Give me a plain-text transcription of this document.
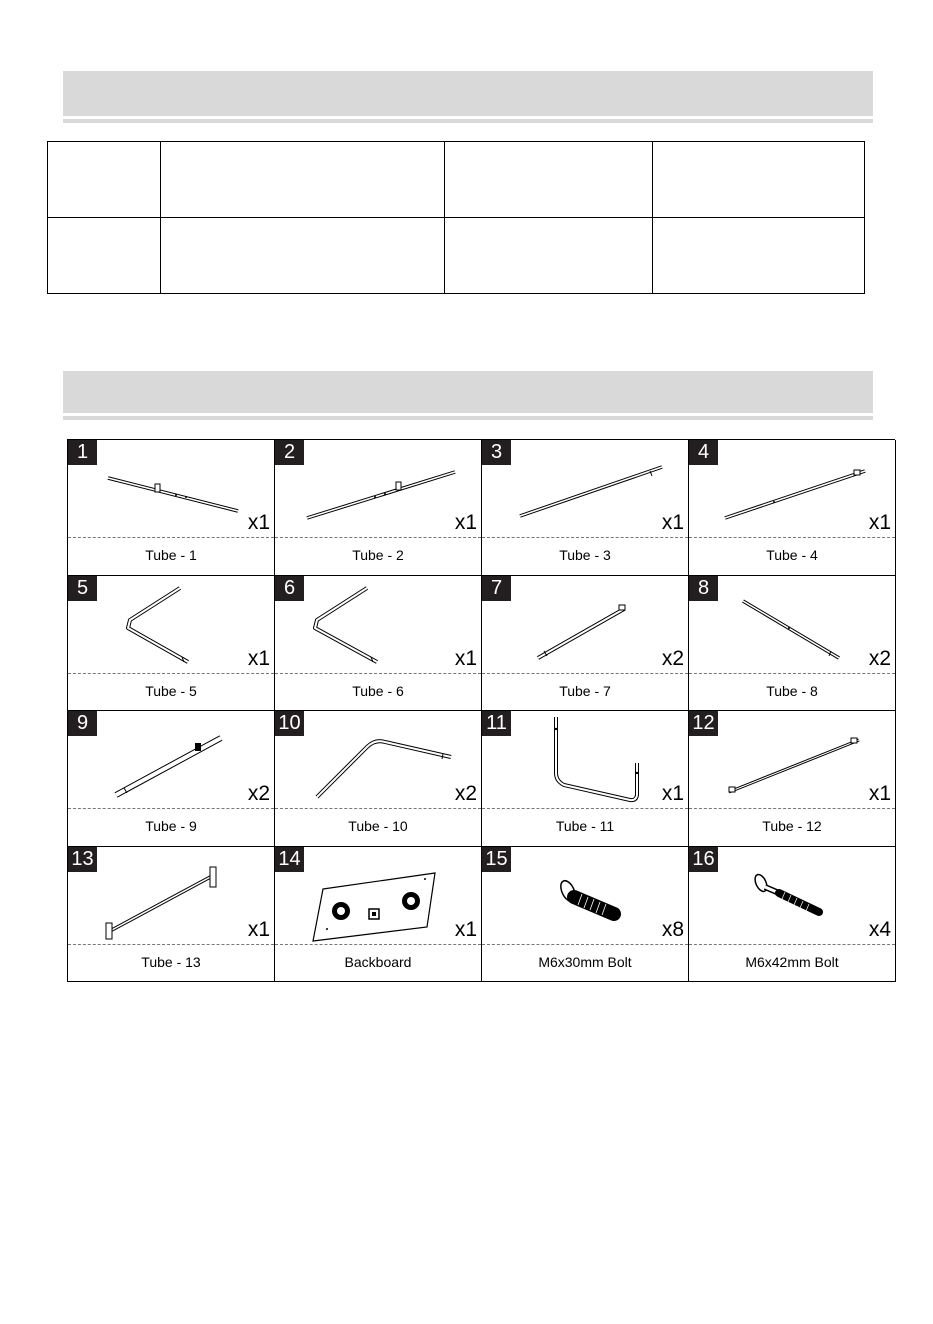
1
x1
Tube - 1
2
x1
Tube - 2
3
x1
Tube - 3
4
x1
Tube - 4
5
x1
Tube - 5
6
x1
Tube - 6
7
x2
Tube - 7
8
x2
Tube - 8
9
x2
Tube - 9
10
x2
Tube - 10
11
x1
Tube - 11
12
x1
Tube - 12
13
x1
Tube - 13
14
x1
Backboard
15
x8
M6x30mm Bolt
16
x4
M6x42mm Bolt
